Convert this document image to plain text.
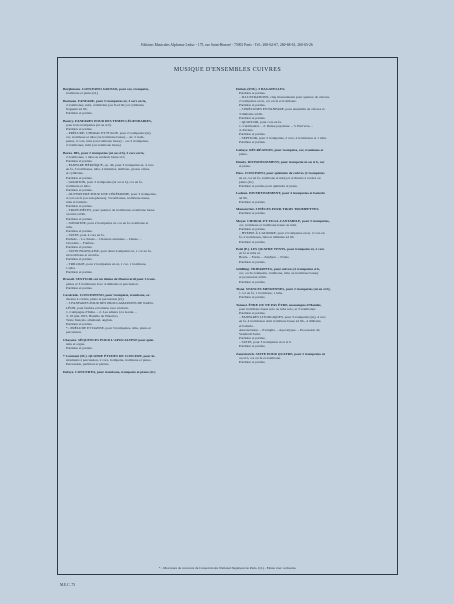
Editions Musicales Alphonse Leduc - 175, rue Saint-Honoré - 75001 Paris - Tél.: 260-62-67, 260-68-61, 260-65-26
MUSIQUE D'ENSEMBLES CUIVRES

Berghmans. CONCERTO GROSSO, pour cor, trompette,

trombone et piano (O.)

Bonneau. FANFARE, pour 3 trompettes ut, 3 cors en fa,

2 trombones, tuba, 4 timbales (ou 8 ad lib.) et cymbales

frappées ad lib.

Partition et parties.

Boutry. FANFARES POUR DES TEMPS LÉGENDAIRES,

pour trois trompettes (ut ou si b)

Partition et parties.

– PRÉLUDE, CHORAL ET FUGUE, pour 2 trompettes (ut),

cor, trombone et tuba (ou trombone basse) – ou: 2 trom-

pettes, 2 cors, tuba (ou trombone basse) – ou: 2 trompettes,

2 trombones, tuba (ou trombone basse)

Bozza. BIS, pour 2 trompettes (ut ou si b), 2 cors en fa,

2 trombones, 1 tuba ou saxhorn basse si b.

Partition et parties.

– FANFARE HÉROÏQUE, op. 46, pour 3 trompettes ut, 4 cors

en fa, 3 trombones, tuba, 4 timbales, tambour, grosse caisse

et cymbales.

Partition et parties.

– GIRATION, pour 2 trompettes (ut ou si b), cor en fa,

trombone et tuba.

Partition et parties.

– OUVERTURE POUR UNE CÉRÉMONIE, pour 3 trompettes,

4 cors en fa (ou saxophones), 3 trombones, trombone-basse,

tuba et batterie.

Partition et parties.

– TROIS PIÈCES, pour quatuor de trombones, trombone basse

ou tuba ad lib.

Partition et parties.

– SONATINE, pour 2 trompettes ut, cor en fa, trombone et

tuba.

Partition et parties.

– SUITE, pour 4 cors en fa.

Prélude. – La chasse. – Chanson ancienne. – Danse. –

Choralée. – Fanfare.

Partition et parties.

– SUITE FRANÇAISE, pour deux trompettes ut, 1 cor en fa,

un trombone et un tuba.

Partition et parties.

– TRILOGIE, pour 2 trompettes en ut, 1 cor, 1 trombone,

1 tuba.

Partition et parties.

Bracali. SEXTUOR sur un thème de Monteverdi pour 3 trom-

pettes et 3 trombones avec 4 timbales et percussion.

Partition et parties.

Castérède. CONCERTINO, pour trompette, trombone, or-

chestre à cordes, piano et percussion (O.)

– 3 FANFARES POUR DES PROCLAMATIONS DE NAPO-

LÉON, pour fanfare et batterie avec récitant.

1. Campagne d'Italie. – 2. Les adieux à la Garde. –

3. 18 juin 1815, Bataille de Waterloo.

Texte français, allemand, anglais.

Partition et parties.

*– PRÉLUDE ET DANSE, pour 3 trompettes, tuba, piano et

percussion.

Chayeux. SÉQUENCES POUR L'APOCALYPSE pour quin-

tette et orgue.

Partition et parties.

* Constant (M.). QUATRE ÉTUDES DE CONCERT, pour in-

struments à percussion, 2 cors, trompette, trombone et piano.

Percussion, partition et parties.

Defaye. CONCERTO, pour trombone, trompette et piano (O.)

Dubois (P.M.). 5 BAGATELLES.

Partition et parties.

– ILLUSTRATIONS, cinq mouvements pour quatuor de cuivres,

2 trompettes en ut, cor en fa et trombone.

Partition et parties.

– 3 PRÉLUDES EN FANFARE, pour ensemble de cuivres et

3 timbales ad lib.

Partition et parties.

– QUATUOR, pour cors en fa.

1. Cérémonial. – 2. Danse paysanne. – 3. Entr'acte. –

4. Pavane.

Partition et parties.

– SEPTUOR, pour 2 trompettes, 2 cors, 2 trombones et 1 tuba.

Partition et parties.

Gabaye. RÉCRÉATION, pour trompette, cor, trombone et

piano.

Houdy. DIVERTISSEMENT, pour trompette ut ou si b, cor

et piano.

Hess. CONCERTO, pour quintette de cuivres (2 trompettes

en ut, cor en fa, trombone et tuba) et orchestre à cordes ou

piano (O.)

Partition et parties pour quintette et piano.

Lodéon. DIVERTISSEMENT, pour 4 trompettes et batterie

ad lib.

Partition et parties.

Manouvrier. 3 PIÈCES POUR TROIS TROMPETTES.

Partition et parties.

Meyer. CHORAL ET FUGA-CANTABILE, pour 3 trompettes,

cor, trombone et trombone-basse ou tuba.

Partition et parties.

– HYMNE À L'AURORE, pour 2 trompettes en ut, 2 cors en

fa, 2 trombones, tuba et timbales ad lib.

Partition et parties.

Petit (P.). LES QUATRE VENTS, pour trompette ut, 2 cors

en fa et tuba ut.

Borée. – Eurus. – Zéphyre. – Notus.

Partition et parties.

Schilling. TRIPARTITA, pour cuivres (2 trompettes si b,

cor, ou 3e trompette, trombone, tuba ou trombone basse)

et percussion ad lib.

Partition et parties.

Tisné. STANCES MINOENNES, pour 2 trompettes (ut ou si b),

1 cor en fa, 1 trombone, 1 tuba.

Partition et parties.

Tomasi. ÊTRE OU NE PAS ÊTRE, monologue d'Hamlet,

pour trombone basse solo ou tuba solo, et 3 trombones

Partition et parties.

– FANFARES LITURGIQUES, pour 3 trompettes (ut), 4 cors

en fa, 4 trombones dont trombone basse ad lib., 4 timbales

et batterie.

Annonciation. – Evangile. – Apocalypse. – Procession du

Vendredi Saint.

Partition et parties.

– SUITE, pour 3 trompettes ut et si b.

Partition et parties.

Zanettovich. SUITE POUR QUATRE, pour 2 trompettes ut

ou si b, cor en fa et trombone.

Partition et parties.

* - Morceaux de concours du Conservatoire National Supérieur de Paris. (O.) - Existe avec orchestre.
M.E.C. 73
